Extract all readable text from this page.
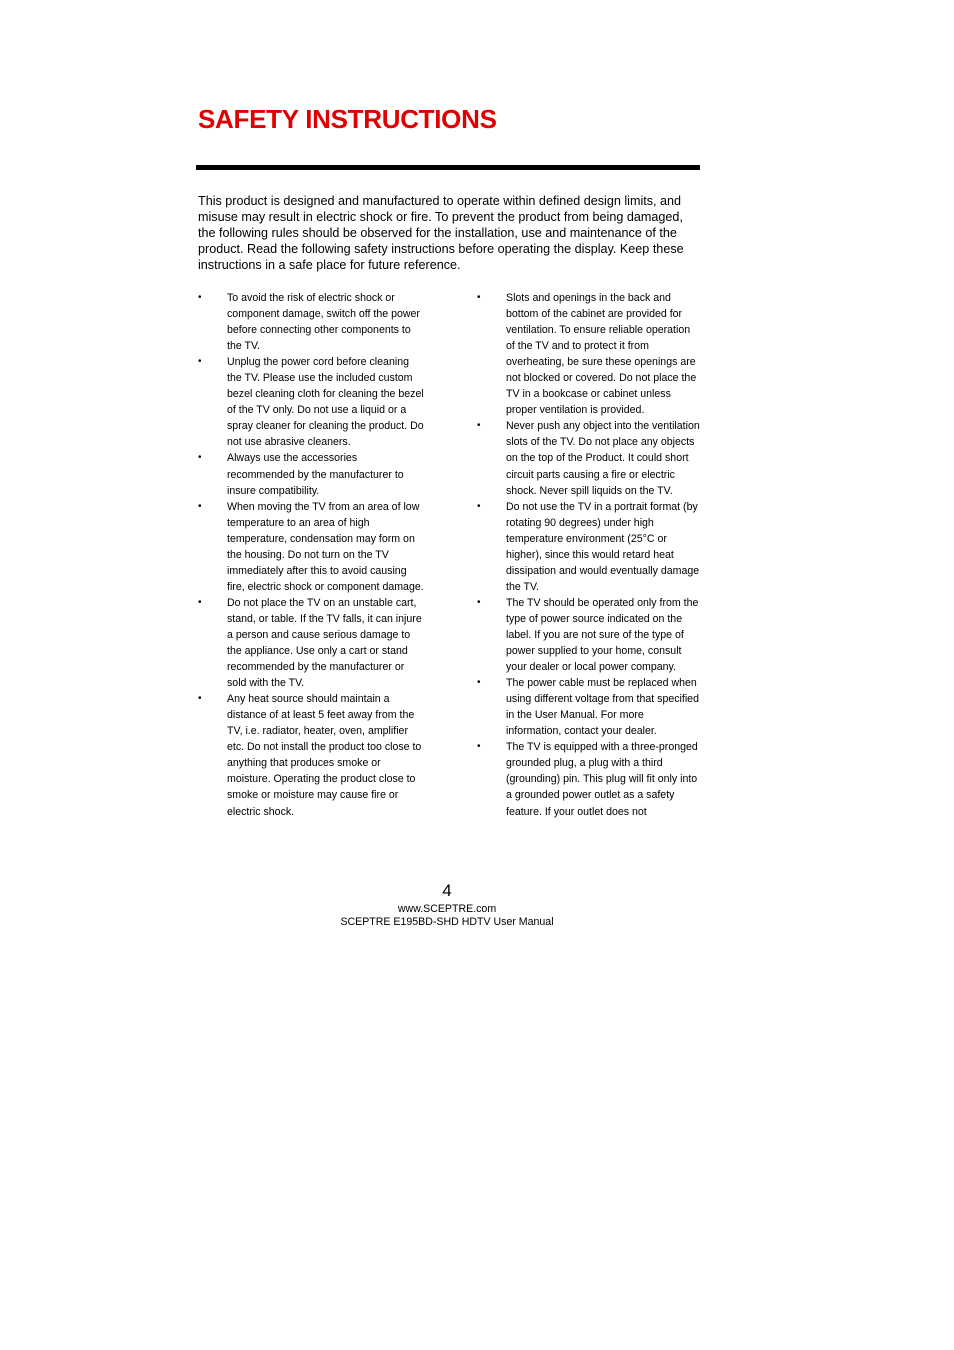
SAFETY INSTRUCTIONS

This product is designed and manufactured to operate within defined design limits, and misuse may result in electric shock or fire. To prevent the product from being damaged, the following rules should be observed for the installation, use and maintenance of the product. Read the following safety instructions before operating the display. Keep these instructions in a safe place for future reference.

•	To avoid the risk of electric shock or component damage, switch off the power before connecting other components to the TV.
•	Unplug the power cord before cleaning the TV. Please use the included custom bezel cleaning cloth for cleaning the bezel of the TV only. Do not use a liquid or a spray cleaner for cleaning the product. Do not use abrasive cleaners.
•	Always use the accessories recommended by the manufacturer to insure compatibility.
•	When moving the TV from an area of low temperature to an area of high temperature, condensation may form on the housing. Do not turn on the TV immediately after this to avoid causing fire, electric shock or component damage.
•	Do not place the TV on an unstable cart, stand, or table. If the TV falls, it can injure a person and cause serious damage to the appliance. Use only a cart or stand recommended by the manufacturer or sold with the TV.
•	Any heat source should maintain a distance of at least 5 feet away from the TV, i.e. radiator, heater, oven, amplifier etc. Do not install the product too close to anything that produces smoke or moisture. Operating the product close to smoke or moisture may cause fire or electric shock.
•	Slots and openings in the back and bottom of the cabinet are provided for ventilation. To ensure reliable operation of the TV and to protect it from overheating, be sure these openings are not blocked or covered. Do not place the TV in a bookcase or cabinet unless proper ventilation is provided.
•	Never push any object into the ventilation slots of the TV. Do not place any objects on the top of the Product. It could short circuit parts causing a fire or electric shock. Never spill liquids on the TV.
•	Do not use the TV in a portrait format (by rotating 90 degrees) under high temperature environment (25°C or higher), since this would retard heat dissipation and would eventually damage the TV.
•	The TV should be operated only from the type of power source indicated on the label. If you are not sure of the type of power supplied to your home, consult your dealer or local power company.
•	The power cable must be replaced when using different voltage from that specified in the User Manual. For more information, contact your dealer.
•	The TV is equipped with a three-pronged grounded plug, a plug with a third (grounding) pin. This plug will fit only into a grounded power outlet as a safety feature. If your outlet does not
4
www.SCEPTRE.com
SCEPTRE E195BD-SHD HDTV User Manual
